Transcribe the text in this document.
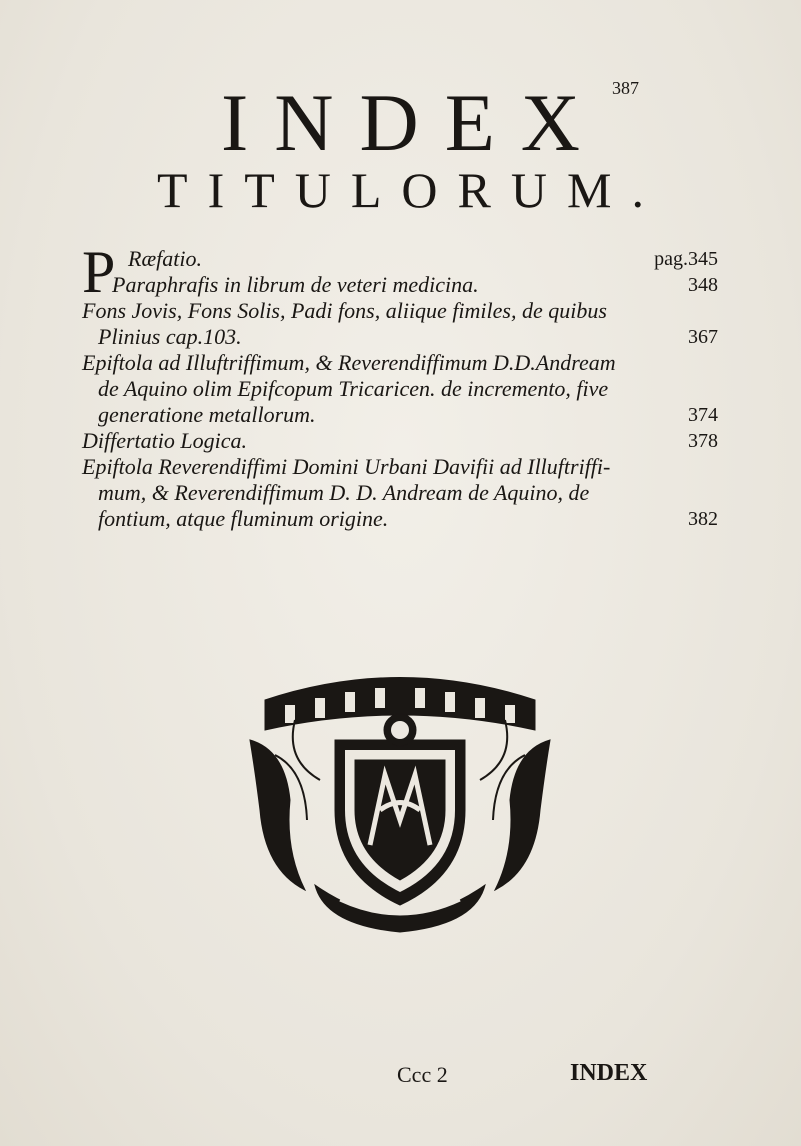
387
INDEX
TITULORUM.
P Ræfatio.	pag.345
Paraphrafis in librum de veteri medicina.	348
Fons Jovis, Fons Solis, Padi fons, aliique fimiles, de quibus
Plinius cap.103.	367
Epiftola ad Illuftriffimum, & Reverendiffimum D.D.Andream
de Aquino olim Epifcopum Tricaricen. de incremento, five
generatione metallorum.	374
Differtatio Logica.	378
Epiftola Reverendiffimi Domini Urbani Davifii ad Illuftriffi-
mum, & Reverendiffimum D. D. Andream de Aquino, de
fontium, atque fluminum origine.	382
Ccc 2	INDEX
